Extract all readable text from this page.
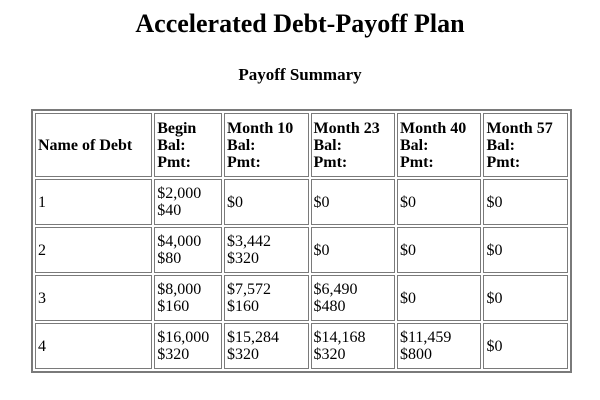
Accelerated Debt-Payoff Plan
Payoff Summary
Name of Debt	Begin
Bal:
Pmt:	Month 10
Bal:
Pmt:	Month 23
Bal:
Pmt:	Month 40
Bal:
Pmt:	Month 57
Bal:
Pmt:

1	$2,000
$40	$0	$0	$0	$0

2	$4,000
$80	$3,442
$320	$0	$0	$0

3	$8,000
$160	$7,572
$160	$6,490
$480	$0	$0

4	$16,000
$320	$15,284
$320	$14,168
$320	$11,459
$800	$0
